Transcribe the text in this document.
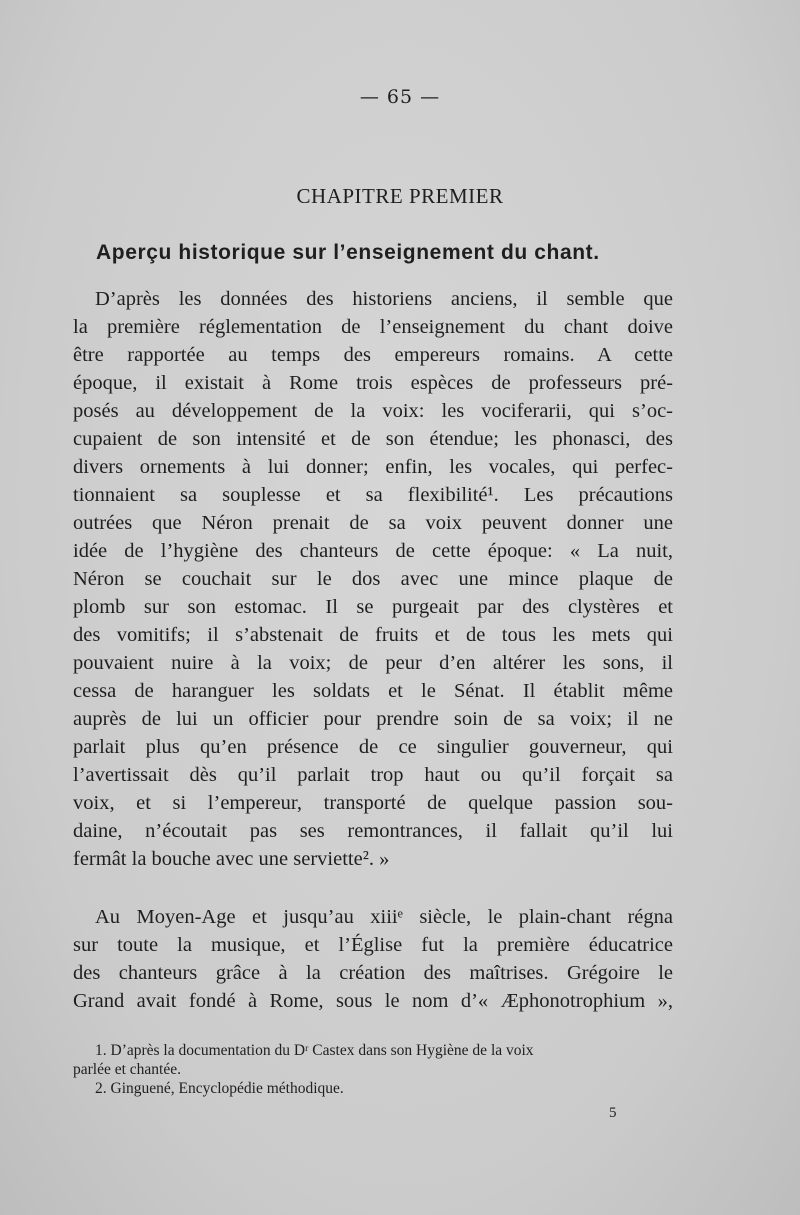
— 65 —
CHAPITRE PREMIER
Aperçu historique sur l’enseignement du chant.
D’après les données des historiens anciens, il semble que
la première réglementation de l’enseignement du chant doive
être rapportée au temps des empereurs romains. A cette
époque, il existait à Rome trois espèces de professeurs pré-
posés au développement de la voix: les vociferarii, qui s’oc-
cupaient de son intensité et de son étendue; les phonasci, des
divers ornements à lui donner; enfin, les vocales, qui perfec-
tionnaient sa souplesse et sa flexibilité¹. Les précautions
outrées que Néron prenait de sa voix peuvent donner une
idée de l’hygiène des chanteurs de cette époque: « La nuit,
Néron se couchait sur le dos avec une mince plaque de
plomb sur son estomac. Il se purgeait par des clystères et
des vomitifs; il s’abstenait de fruits et de tous les mets qui
pouvaient nuire à la voix; de peur d’en altérer les sons, il
cessa de haranguer les soldats et le Sénat. Il établit même
auprès de lui un officier pour prendre soin de sa voix; il ne
parlait plus qu’en présence de ce singulier gouverneur, qui
l’avertissait dès qu’il parlait trop haut ou qu’il forçait sa
voix, et si l’empereur, transporté de quelque passion sou-
daine, n’écoutait pas ses remontrances, il fallait qu’il lui
fermât la bouche avec une serviette². »
Au Moyen-Age et jusqu’au xiiiᵉ siècle, le plain-chant régna
sur toute la musique, et l’Église fut la première éducatrice
des chanteurs grâce à la création des maîtrises. Grégoire le
Grand avait fondé à Rome, sous le nom d’« Æphonotrophium »,
1. D’après la documentation du Dʳ Castex dans son Hygiène de la voix
parlée et chantée.
2. Ginguené, Encyclopédie méthodique.
5
